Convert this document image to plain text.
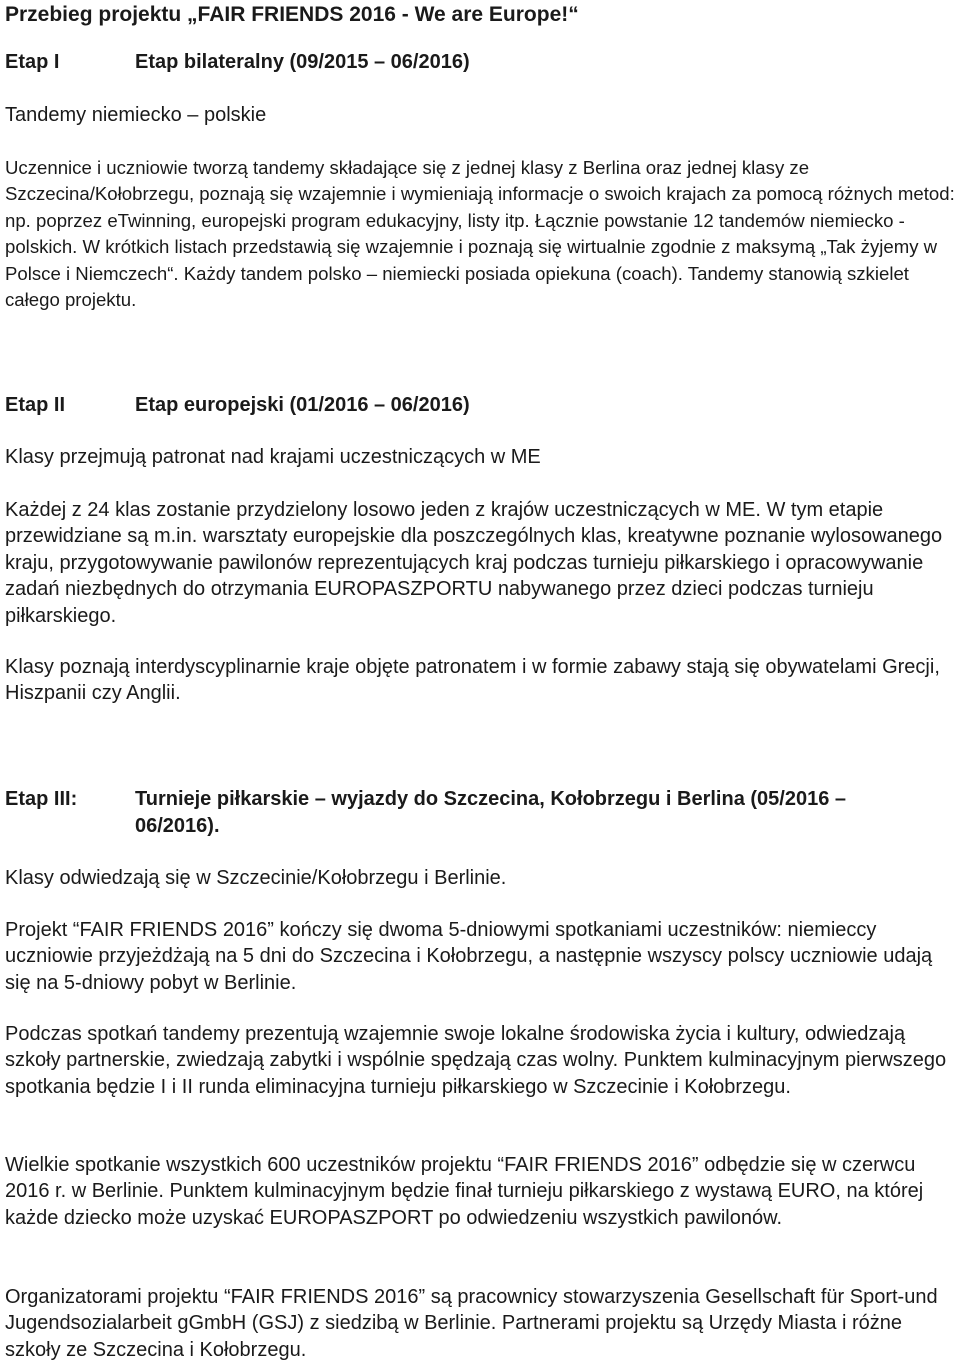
Przebieg projektu „FAIR FRIENDS 2016 - We are Europe!“
Etap I	Etap bilateralny (09/2015 – 06/2016)
Tandemy niemiecko – polskie

Uczennice i uczniowie tworzą tandemy składające się z jednej klasy z Berlina oraz jednej klasy ze Szczecina/Kołobrzegu, poznają się wzajemnie i wymieniają informacje o swoich krajach za pomocą różnych metod: np. poprzez eTwinning, europejski program edukacyjny, listy itp. Łącznie powstanie 12 tandemów niemiecko - polskich. W krótkich listach przedstawią się wzajemnie i poznają się wirtualnie zgodnie z maksymą „Tak żyjemy w Polsce i Niemczech“. Każdy tandem polsko – niemiecki posiada opiekuna (coach). Tandemy stanowią szkielet całego projektu.

Etap II	Etap europejski (01/2016 – 06/2016)
Klasy przejmują patronat nad krajami uczestniczących w ME

Każdej z 24 klas zostanie przydzielony losowo jeden z krajów uczestniczących w ME. W tym etapie przewidziane są m.in. warsztaty europejskie dla poszczególnych klas, kreatywne poznanie wylosowanego kraju, przygotowywanie pawilonów reprezentujących kraj podczas turnieju piłkarskiego i opracowywanie zadań niezbędnych do otrzymania EUROPASZPORTU nabywanego przez dzieci podczas turnieju piłkarskiego.

Klasy poznają interdyscyplinarnie kraje objęte patronatem i w formie zabawy stają się obywatelami Grecji, Hiszpanii czy Anglii.

Etap III:	Turnieje piłkarskie – wyjazdy do Szczecina, Kołobrzegu i Berlina (05/2016 – 06/2016).
Klasy odwiedzają się w Szczecinie/Kołobrzegu i Berlinie.

Projekt “FAIR FRIENDS 2016” kończy się dwoma 5-dniowymi spotkaniami uczestników: niemieccy uczniowie przyjeżdżają na 5 dni do Szczecina i Kołobrzegu, a następnie wszyscy polscy uczniowie udają się na 5-dniowy pobyt w Berlinie.

Podczas spotkań tandemy prezentują wzajemnie swoje lokalne środowiska życia i kultury, odwiedzają szkoły partnerskie, zwiedzają zabytki i wspólnie spędzają czas wolny. Punktem kulminacyjnym pierwszego spotkania będzie I i II runda eliminacyjna turnieju piłkarskiego w Szczecinie i Kołobrzegu.

Wielkie spotkanie wszystkich 600 uczestników projektu “FAIR FRIENDS 2016” odbędzie się w czerwcu 2016 r. w Berlinie. Punktem kulminacyjnym będzie finał turnieju piłkarskiego z wystawą EURO, na której każde dziecko może uzyskać EUROPASZPORT po odwiedzeniu wszystkich pawilonów.

Organizatorami projektu “FAIR FRIENDS 2016” są pracownicy stowarzyszenia Gesellschaft für Sport-und Jugendsozialarbeit gGmbH (GSJ) z siedzibą w Berlinie. Partnerami projektu są Urzędy Miasta i różne szkoły ze Szczecina i Kołobrzegu.
